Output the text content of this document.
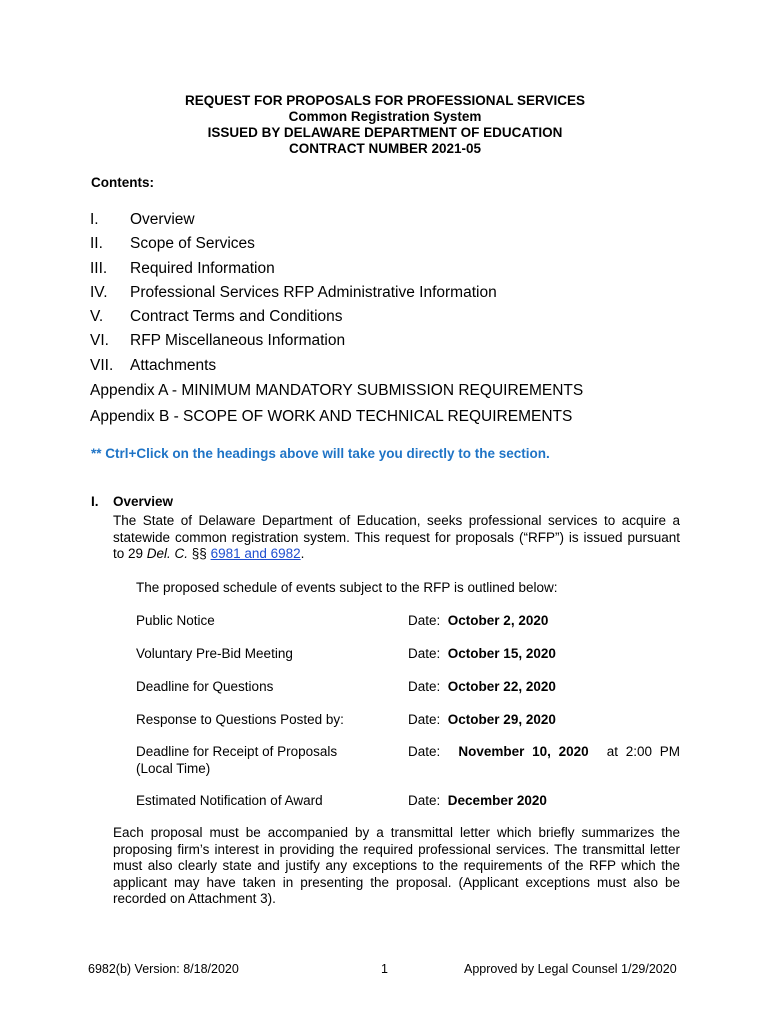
REQUEST FOR PROPOSALS FOR PROFESSIONAL SERVICES
Common Registration System
ISSUED BY DELAWARE DEPARTMENT OF EDUCATION
CONTRACT NUMBER 2021-05
Contents:
I.	Overview
II.	Scope of Services
III.	Required Information
IV.	Professional Services RFP Administrative Information
V.	Contract Terms and Conditions
VI.	RFP Miscellaneous Information
VII.	Attachments
Appendix A - MINIMUM MANDATORY SUBMISSION REQUIREMENTS
Appendix B - SCOPE OF WORK AND TECHNICAL REQUIREMENTS
** Ctrl+Click on the headings above will take you directly to the section.
I. Overview
The State of Delaware Department of Education, seeks professional services to acquire a statewide common registration system. This request for proposals (“RFP”) is issued pursuant to 29 Del. C. §§ 6981 and 6982.
The proposed schedule of events subject to the RFP is outlined below:
Public Notice	Date: October 2, 2020
Voluntary Pre-Bid Meeting	Date: October 15, 2020
Deadline for Questions	Date: October 22, 2020
Response to Questions Posted by:	Date: October 29, 2020
Deadline for Receipt of Proposals (Local Time)
Date: November 10, 2020 at 2:00 PM
Estimated Notification of Award	Date: December 2020
Each proposal must be accompanied by a transmittal letter which briefly summarizes the proposing firm’s interest in providing the required professional services. The transmittal letter must also clearly state and justify any exceptions to the requirements of the RFP which the applicant may have taken in presenting the proposal. (Applicant exceptions must also be recorded on Attachment 3).
6982(b) Version: 8/18/2020	1	Approved by Legal Counsel 1/29/2020
